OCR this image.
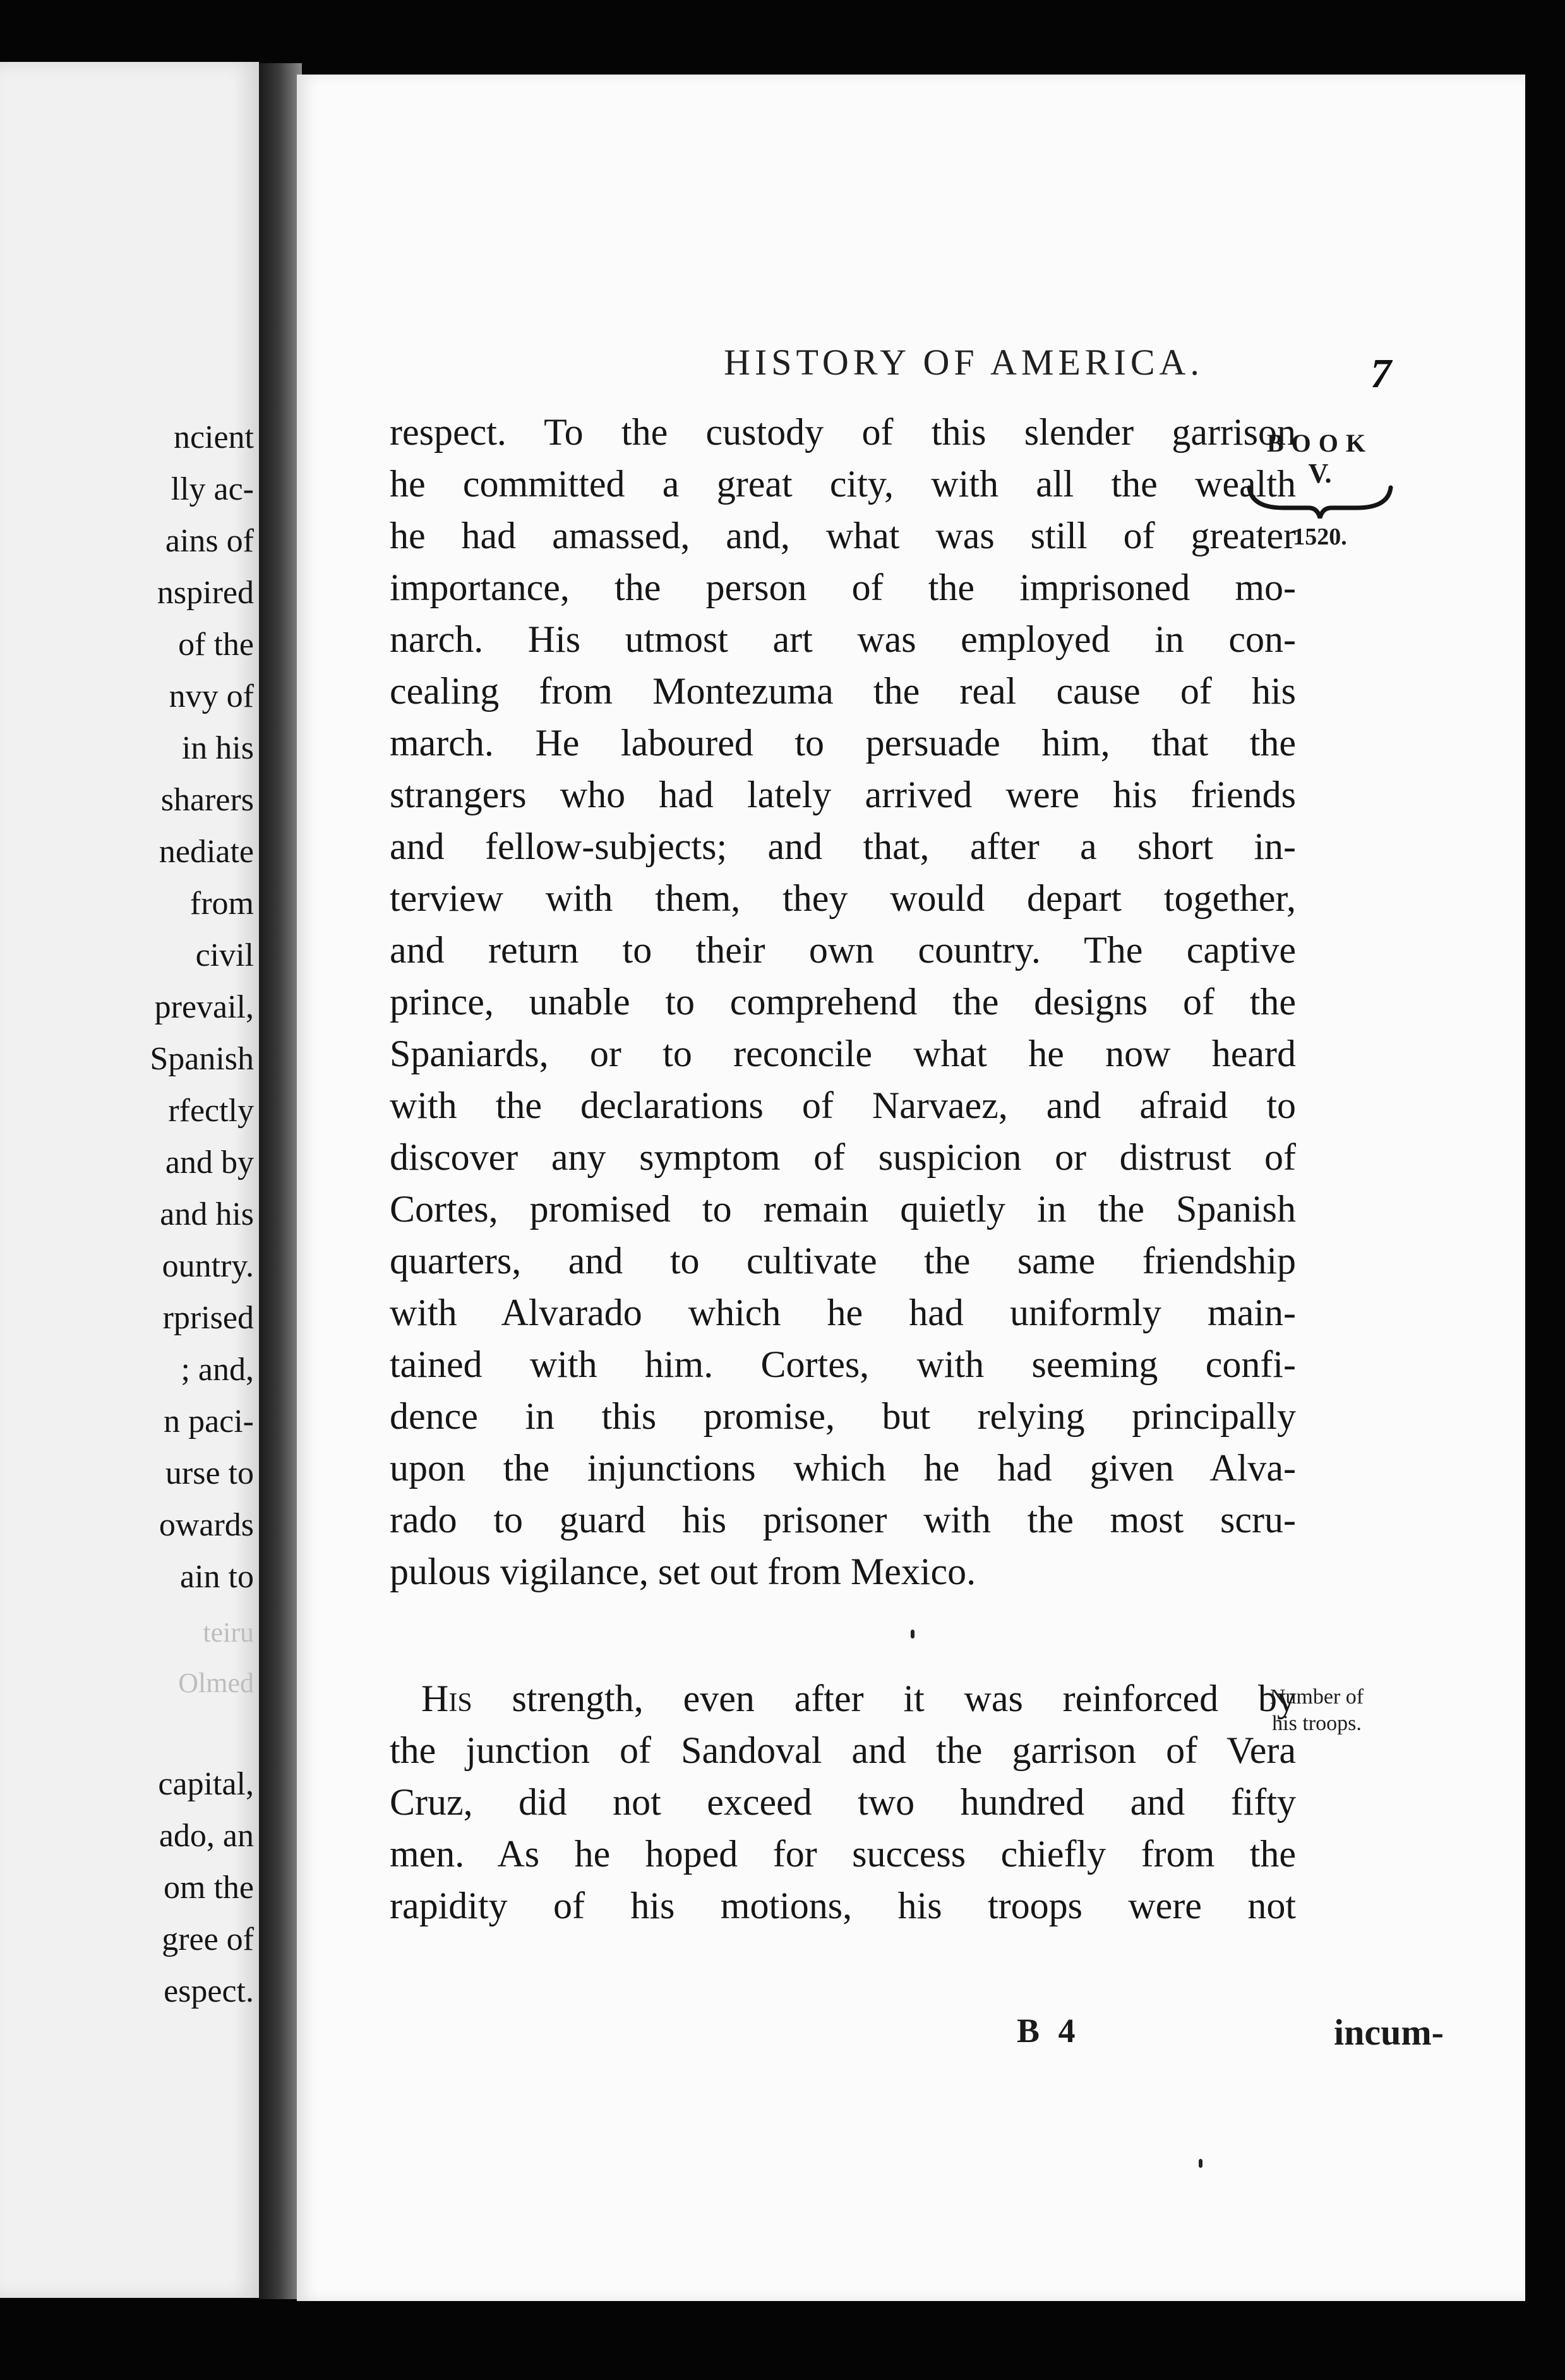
ncient
lly ac-
ains of
nspired
of the
nvy of
in his
sharers
nediate
from
civil
prevail,
Spanish
rfectly
and by
and his
ountry.
rprised
; and,
n paci-
urse to
owards
ain to
teiru
Olmed
capital,
ado, an
om the
gree of
espect.
HISTORY OF AMERICA.	7
BOOK
V.
1520.
respect. To the custody of this slender garrison
he committed a great city, with all the wealth
he had amassed, and, what was still of greater
importance, the person of the imprisoned mo-
narch. His utmost art was employed in con-
cealing from Montezuma the real cause of his
march. He laboured to persuade him, that the
strangers who had lately arrived were his friends
and fellow-subjects; and that, after a short in-
terview with them, they would depart together,
and return to their own country. The captive
prince, unable to comprehend the designs of the
Spaniards, or to reconcile what he now heard
with the declarations of Narvaez, and afraid to
discover any symptom of suspicion or distrust of
Cortes, promised to remain quietly in the Spanish
quarters, and to cultivate the same friendship
with Alvarado which he had uniformly main-
tained with him. Cortes, with seeming confi-
dence in this promise, but relying principally
upon the injunctions which he had given Alva-
rado to guard his prisoner with the most scru-
pulous vigilance, set out from Mexico.
His strength, even after it was reinforced by
the junction of Sandoval and the garrison of Vera
Cruz, did not exceed two hundred and fifty
men. As he hoped for success chiefly from the
rapidity of his motions, his troops were not
Number of
his troops.
B 4	incum-
